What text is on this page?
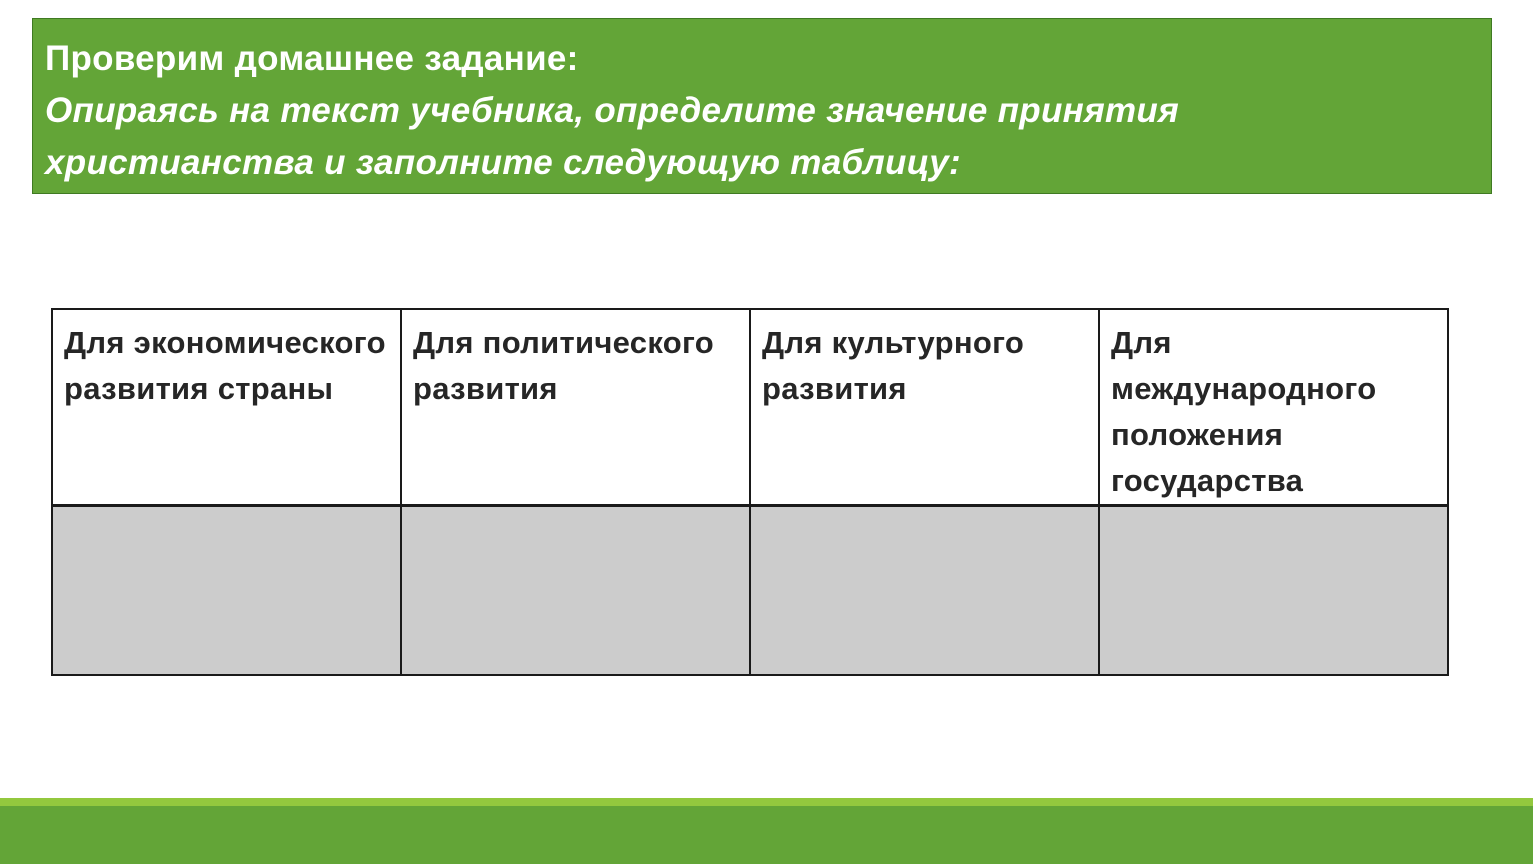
Проверим домашнее задание:
Опираясь на текст учебника, определите значение принятия
христианства и заполните следующую таблицу:
Для экономического развития страны	Для политического развития	Для культурного развития	Для международного положения государства
